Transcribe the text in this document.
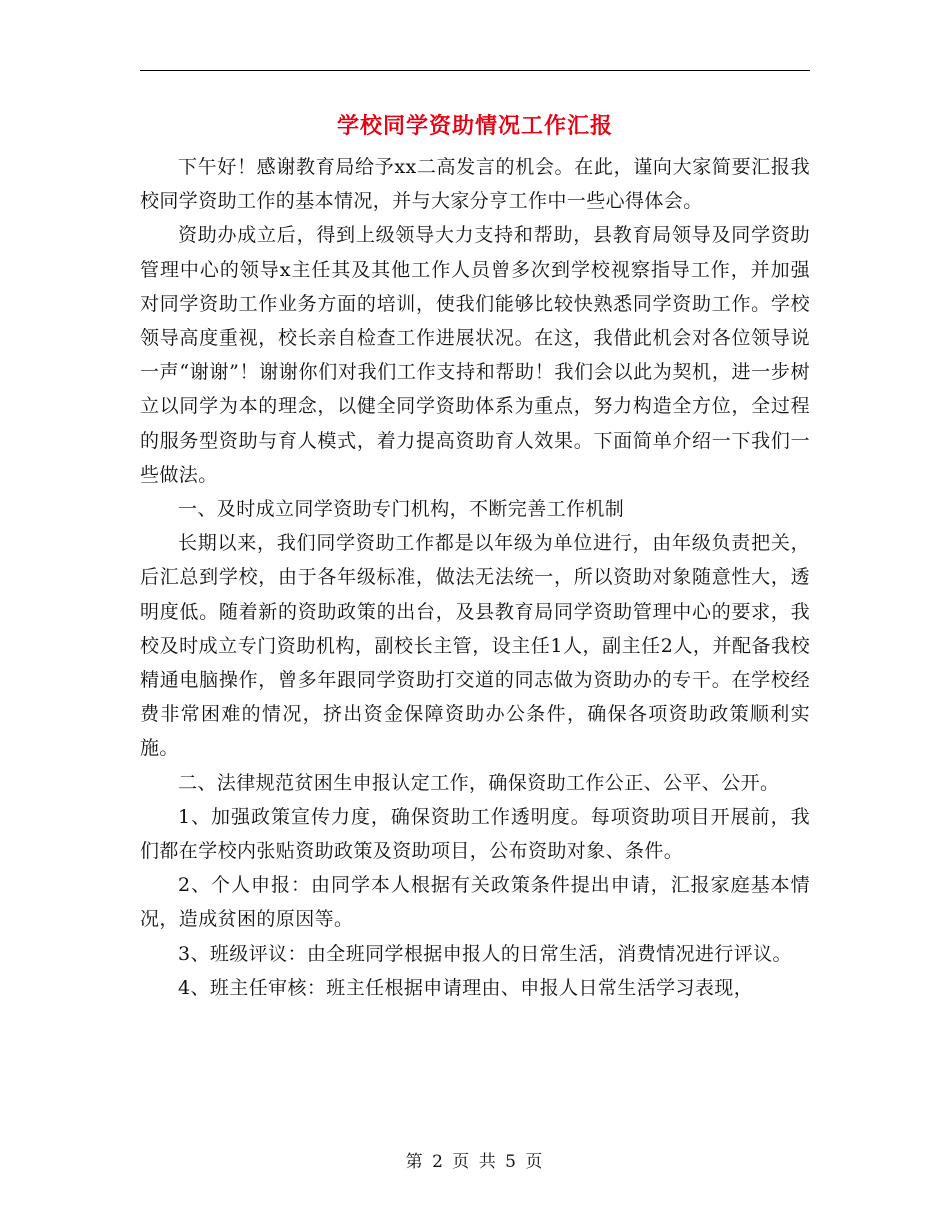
学校同学资助情况工作汇报

下午好！感谢教育局给予xx二高发言的机会。在此，谨向大家简要汇报我校同学资助工作的基本情况，并与大家分亨工作中一些心得体会。

资助办成立后，得到上级领导大力支持和帮助，县教育局领导及同学资助管理中心的领导x主任其及其他工作人员曾多次到学校视察指导工作，并加强对同学资助工作业务方面的培训，使我们能够比较快熟悉同学资助工作。学校领导高度重视，校长亲自检查工作进展状况。在这，我借此机会对各位领导说一声“谢谢”！谢谢你们对我们工作支持和帮助！我们会以此为契机，进一步树立以同学为本的理念，以健全同学资助体系为重点，努力构造全方位，全过程的服务型资助与育人模式，着力提高资助育人效果。下面简单介绍一下我们一些做法。

一、及时成立同学资助专门机构，不断完善工作机制

长期以来，我们同学资助工作都是以年级为单位进行，由年级负责把关，后汇总到学校，由于各年级标准，做法无法统一，所以资助对象随意性大，透明度低。随着新的资助政策的出台，及县教育局同学资助管理中心的要求，我校及时成立专门资助机构，副校长主管，设主任1人，副主任2人，并配备我校精通电脑操作，曾多年跟同学资助打交道的同志做为资助办的专干。在学校经费非常困难的情况，挤出资金保障资助办公条件，确保各项资助政策顺利实施。

二、法律规范贫困生申报认定工作，确保资助工作公正、公平、公开。

1、加强政策宣传力度，确保资助工作透明度。每项资助项目开展前，我们都在学校内张贴资助政策及资助项目，公布资助对象、条件。

2、个人申报：由同学本人根据有关政策条件提出申请，汇报家庭基本情况，造成贫困的原因等。

3、班级评议：由全班同学根据申报人的日常生活，消费情况进行评议。

4、班主任审核：班主任根据申请理由、申报人日常生活学习表现，

第 2 页 共 5 页
